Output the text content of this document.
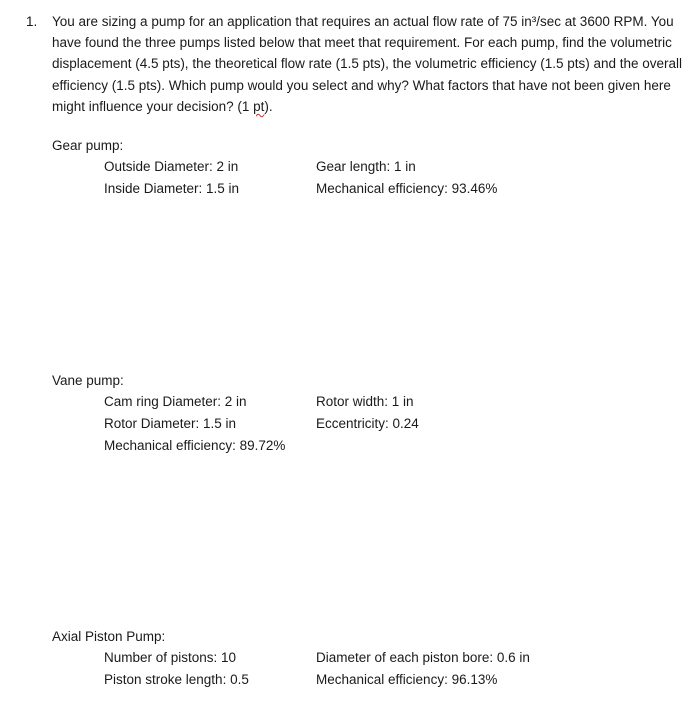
1. You are sizing a pump for an application that requires an actual flow rate of 75 in³/sec at 3600 RPM. You have found the three pumps listed below that meet that requirement. For each pump, find the volumetric displacement (4.5 pts), the theoretical flow rate (1.5 pts), the volumetric efficiency (1.5 pts) and the overall efficiency (1.5 pts). Which pump would you select and why? What factors that have not been given here might influence your decision? (1 pt).
Gear pump:
Outside Diameter: 2 in
Inside Diameter: 1.5 in
Gear length: 1 in
Mechanical efficiency: 93.46%
Vane pump:
Cam ring Diameter: 2 in
Rotor Diameter: 1.5 in
Mechanical efficiency: 89.72%
Rotor width: 1 in
Eccentricity: 0.24
Axial Piston Pump:
Number of pistons: 10
Piston stroke length: 0.5
Diameter of each piston bore: 0.6 in
Mechanical efficiency: 96.13%
